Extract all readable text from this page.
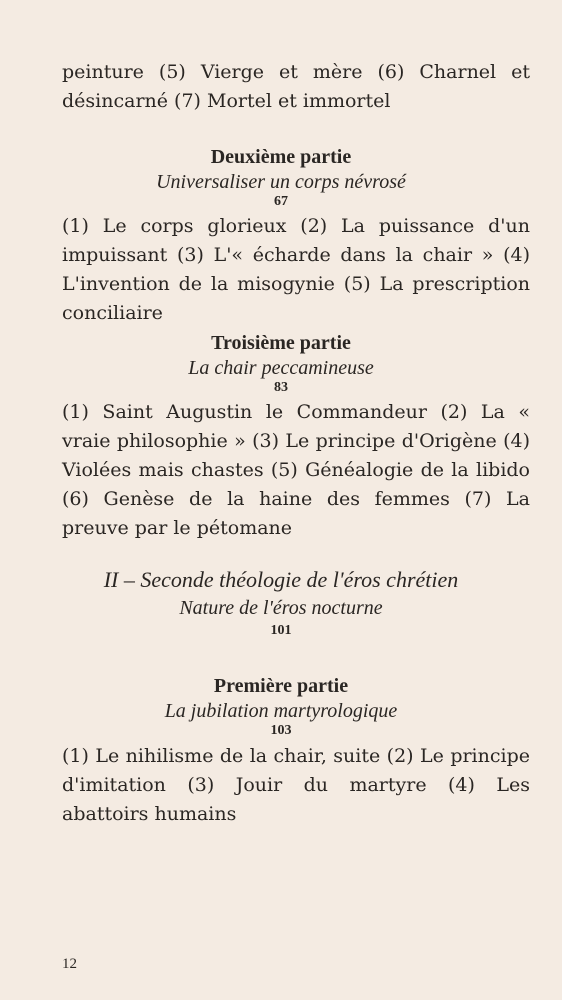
peinture (5) Vierge et mère (6) Charnel et désincarné (7) Mortel et immortel
Deuxième partie
Universaliser un corps névrosé
67
(1) Le corps glorieux (2) La puissance d'un impuissant (3) L'« écharde dans la chair » (4) L'invention de la misogynie (5) La prescription conciliaire
Troisième partie
La chair peccamineuse
83
(1) Saint Augustin le Commandeur (2) La « vraie philosophie » (3) Le principe d'Origène (4) Violées mais chastes (5) Généalogie de la libido (6) Genèse de la haine des femmes (7) La preuve par le pétomane
II – Seconde théologie de l'éros chrétien
Nature de l'éros nocturne
101
Première partie
La jubilation martyrologique
103
(1) Le nihilisme de la chair, suite (2) Le principe d'imitation (3) Jouir du martyre (4) Les abattoirs humains
12
